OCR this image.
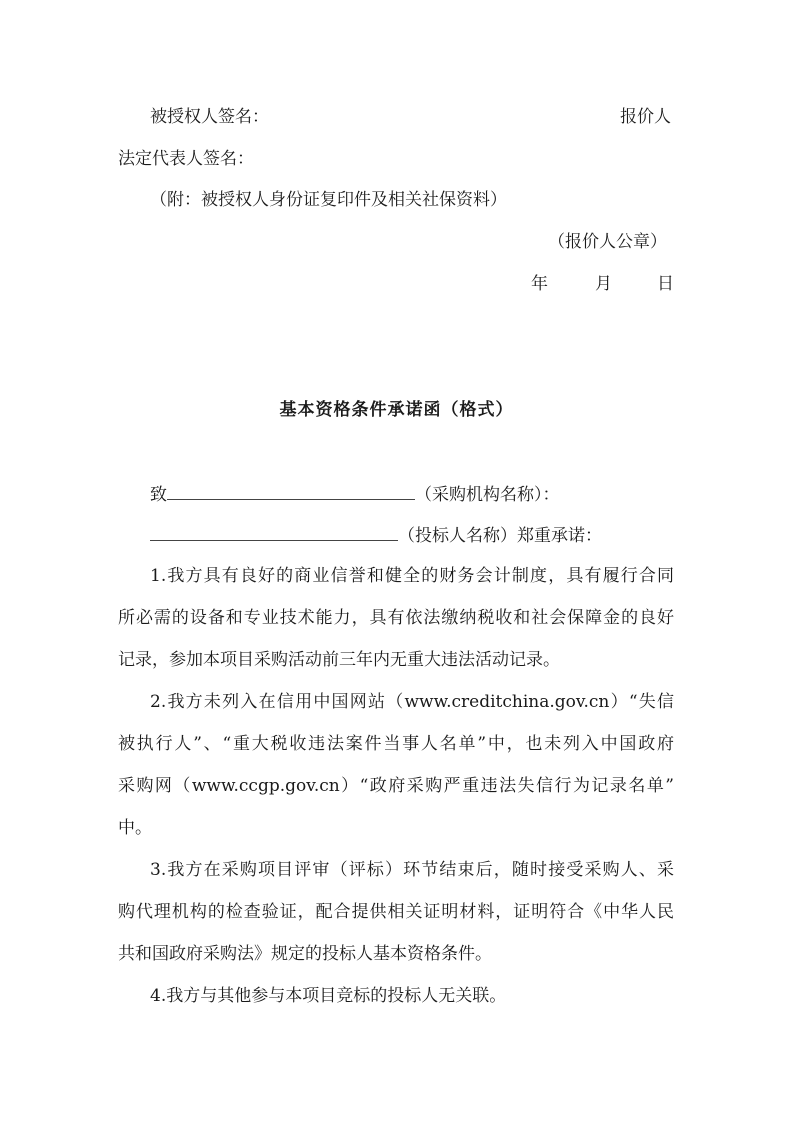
被授权人签名：	报价人
法定代表人签名：
（附：被授权人身份证复印件及相关社保资料）
（报价人公章）
年	月	日
基本资格条件承诺函（格式）
致	（采购机构名称）：
（投标人名称）郑重承诺：
1.我方具有良好的商业信誉和健全的财务会计制度，具有履行合同
所必需的设备和专业技术能力，具有依法缴纳税收和社会保障金的良好
记录，参加本项目采购活动前三年内无重大违法活动记录。
2.我方未列入在信用中国网站（www.creditchina.gov.cn）“失信
被执行人”、“重大税收违法案件当事人名单”中，也未列入中国政府
采购网（www.ccgp.gov.cn）“政府采购严重违法失信行为记录名单”
中。
3.我方在采购项目评审（评标）环节结束后，随时接受采购人、采
购代理机构的检查验证，配合提供相关证明材料，证明符合《中华人民
共和国政府采购法》规定的投标人基本资格条件。
4.我方与其他参与本项目竞标的投标人无关联。
